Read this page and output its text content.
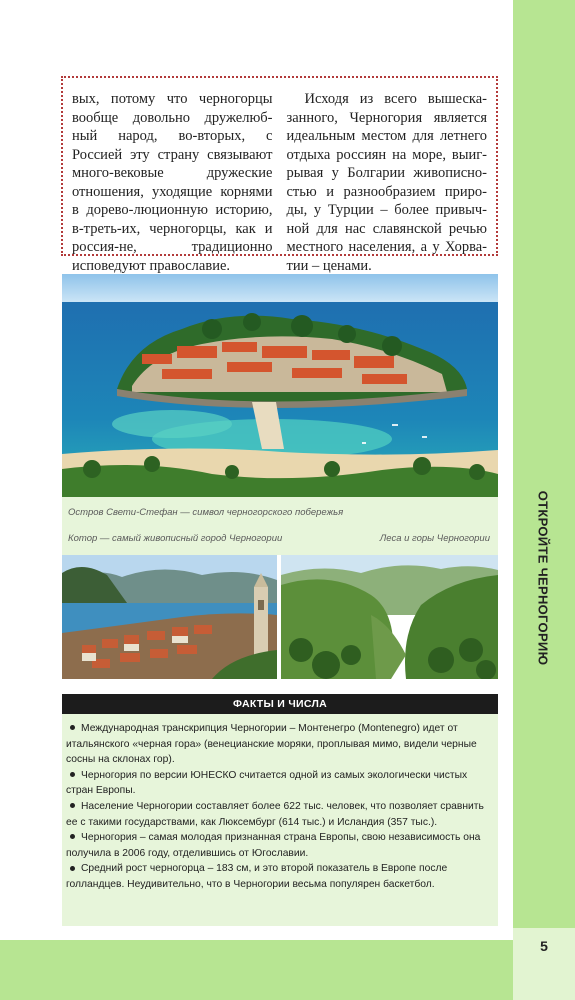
ОТКРОЙТЕ ЧЕРНОГОРИЮ
5

вых, потому что черногорцы вообще довольно дружелюб-ный народ, во-вторых, с Россией эту страну связывают много-вековые дружеские отношения, уходящие корнями в дорево-люционную историю, в-треть-их, черногорцы, как и россия-не, традиционно исповедуют православие.

Исходя из всего вышеска-занного, Черногория является идеальным местом для летнего отдыха россиян на море, выиг-рывая у Болгарии живописно-стью и разнообразием приро-ды, у Турции – более привыч-ной для нас славянской речью местного населения, а у Хорва-тии – ценами.

Остров Свети-Стефан — символ черногорского побережья
Котор — самый живописный город Черногории	Леса и горы Черногории
ФАКТЫ И ЧИСЛА
Международная транскрипция Черногории – Монтенегро (Montenegro) идет от итальянского «черная гора» (венецианские моряки, проплывая мимо, видели черные сосны на склонах гор).
Черногория по версии ЮНЕСКО считается одной из самых экологически чистых стран Европы.
Население Черногории составляет более 622 тыс. человек, что позволяет сравнить ее с такими государствами, как Люксембург (614 тыс.) и Исландия (357 тыс.).
Черногория – самая молодая признанная страна Европы, свою независимость она получила в 2006 году, отделившись от Югославии.
Средний рост черногорца – 183 см, и это второй показатель в Европе после голландцев. Неудивительно, что в Черногории весьма популярен баскетбол.
